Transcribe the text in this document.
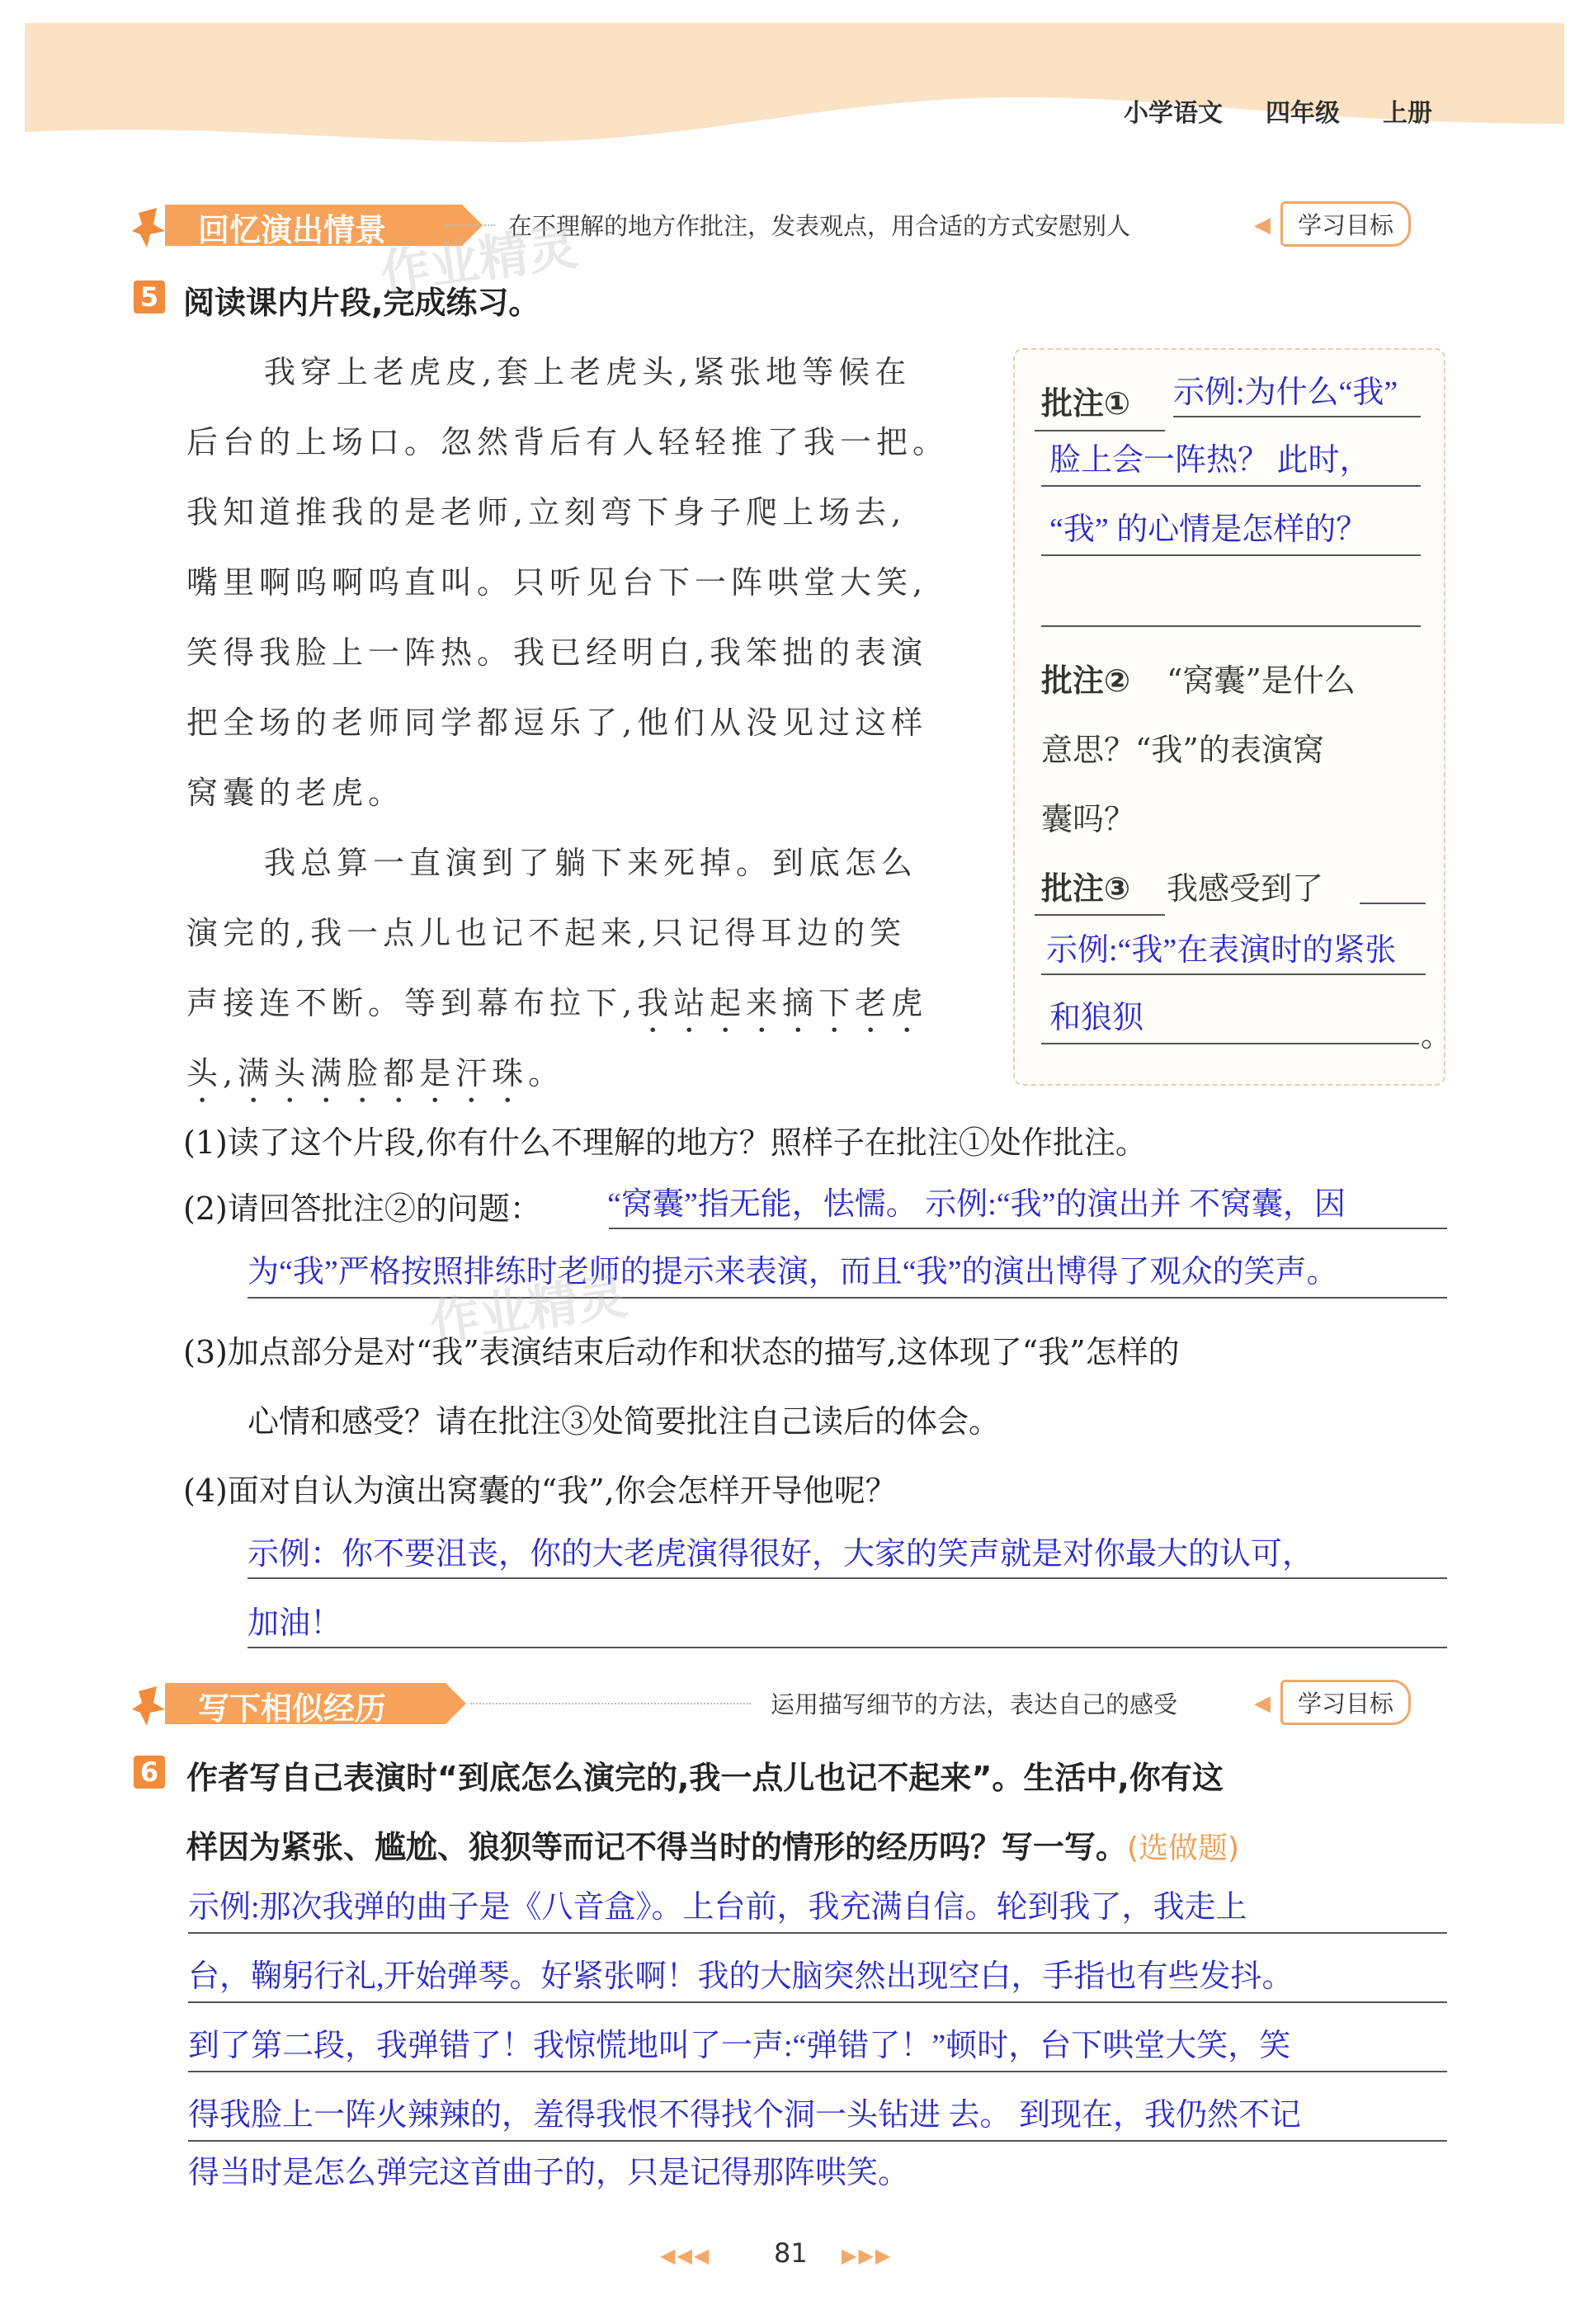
小学语文 四年级 上册
回忆演出情景	在不理解的地方作批注，发表观点，用合适的方式安慰别人	◀	学习目标
5 阅读课内片段,完成练习。
我穿上老虎皮,套上老虎头,紧张地等候在
后台的上场口。忽然背后有人轻轻推了我一把。
我知道推我的是老师,立刻弯下身子爬上场去,
嘴里啊呜啊呜直叫。只听见台下一阵哄堂大笑,
笑得我脸上一阵热。我已经明白,我笨拙的表演
把全场的老师同学都逗乐了,他们从没见过这样
窝囊的老虎。
我总算一直演到了躺下来死掉。到底怎么
演完的,我一点儿也记不起来,只记得耳边的笑
声接连不断。等到幕布拉下,我站起来摘下老虎
头,满头满脸都是汗珠。
批注① 示例:为什么“我”
脸上会一阵热？ 此时，
“我” 的心情是怎样的？
批注② “窝囊”是什么
意思？“我”的表演窝
囊吗？
批注③ 我感受到了
示例:“我”在表演时的紧张
和狼狈	。
(1)读了这个片段,你有什么不理解的地方？照样子在批注①处作批注。
(2)请回答批注②的问题： “窝囊”指无能，怯懦。 示例:“我”的演出并 不窝囊，因
为“我”严格按照排练时老师的提示来表演，而且“我”的演出博得了观众的笑声。
(3)加点部分是对“我”表演结束后动作和状态的描写,这体现了“我”怎样的
心情和感受？请在批注③处简要批注自己读后的体会。
(4)面对自认为演出窝囊的“我”,你会怎样开导他呢？
示例：你不要沮丧，你的大老虎演得很好，大家的笑声就是对你最大的认可，
加油！
写下相似经历	运用描写细节的方法，表达自己的感受	◀	学习目标
6 作者写自己表演时“到底怎么演完的,我一点儿也记不起来”。生活中,你有这
样因为紧张、尴尬、狼狈等而记不得当时的情形的经历吗？写一写。(选做题)
示例:那次我弹的曲子是《八音盒》。上台前，我充满自信。轮到我了，我走上
台，鞠躬行礼,开始弹琴。好紧张啊！我的大脑突然出现空白，手指也有些发抖。
到了第二段，我弹错了！我惊慌地叫了一声:“弹错了！”顿时，台下哄堂大笑，笑
得我脸上一阵火辣辣的，羞得我恨不得找个洞一头钻进 去。 到现在，我仍然不记
得当时是怎么弹完这首曲子的，只是记得那阵哄笑。
◀◀◀ 81 ▶▶▶
作业精灵
作业精灵
